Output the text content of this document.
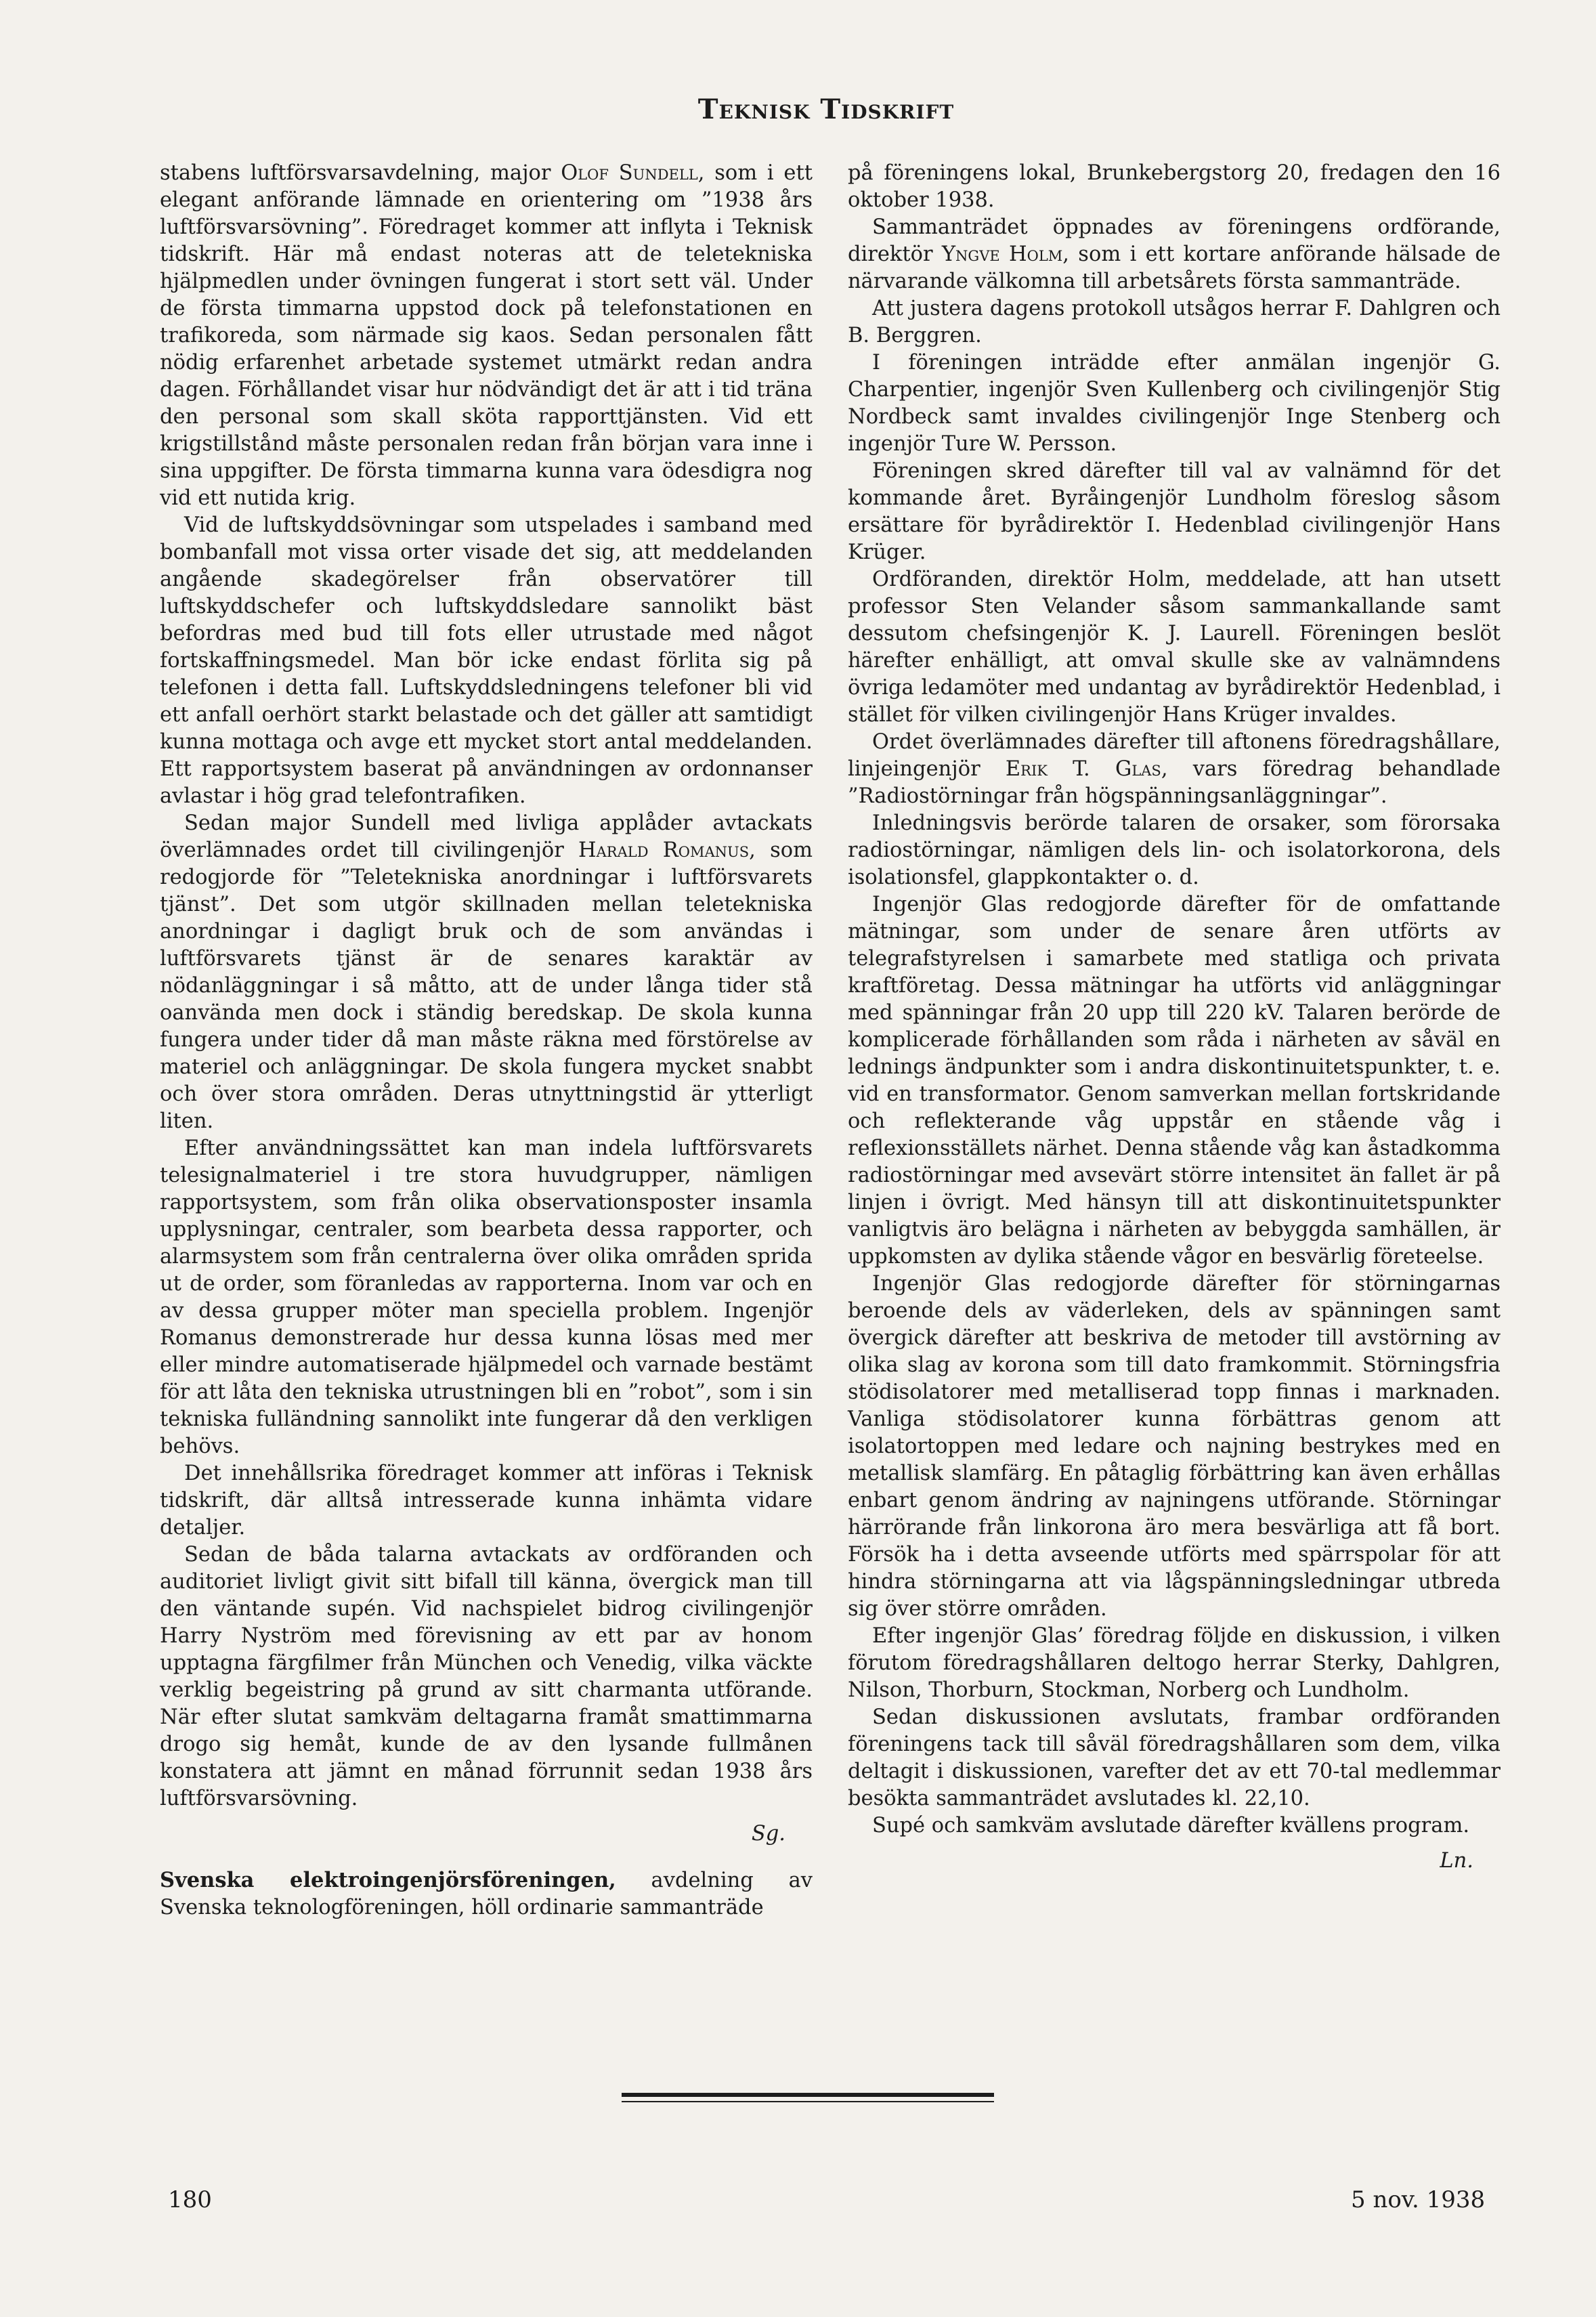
Teknisk Tidskrift

stabens luftförsvarsavdelning, major Olof Sundell, som i ett elegant anförande lämnade en orientering om ”1938 års luftförsvarsövning”. Föredraget kommer att inflyta i Teknisk tidskrift. Här må endast noteras att de teletekniska hjälpmedlen under övningen fungerat i stort sett väl. Under de första timmarna uppstod dock på telefonstationen en trafikoreda, som närmade sig kaos. Sedan personalen fått nödig erfarenhet arbetade systemet utmärkt redan andra dagen. Förhållandet visar hur nödvändigt det är att i tid träna den personal som skall sköta rapporttjänsten. Vid ett krigstillstånd måste personalen redan från början vara inne i sina uppgifter. De första timmarna kunna vara ödesdigra nog vid ett nutida krig.

Vid de luftskyddsövningar som utspelades i samband med bombanfall mot vissa orter visade det sig, att meddelanden angående skadegörelser från observatörer till luftskyddschefer och luftskyddsledare sannolikt bäst befordras med bud till fots eller utrustade med något fortskaffningsmedel. Man bör icke endast förlita sig på telefonen i detta fall. Luftskyddsledningens telefoner bli vid ett anfall oerhört starkt belastade och det gäller att samtidigt kunna mottaga och avge ett mycket stort antal meddelanden. Ett rapportsystem baserat på användningen av ordonnanser avlastar i hög grad telefontrafiken.

Sedan major Sundell med livliga applåder avtackats överlämnades ordet till civilingenjör Harald Romanus, som redogjorde för ”Teletekniska anordningar i luftförsvarets tjänst”. Det som utgör skillnaden mellan teletekniska anordningar i dagligt bruk och de som användas i luftförsvarets tjänst är de senares karaktär av nödanläggningar i så måtto, att de under långa tider stå oanvända men dock i ständig beredskap. De skola kunna fungera under tider då man måste räkna med förstörelse av materiel och anläggningar. De skola fungera mycket snabbt och över stora områden. Deras utnyttningstid är ytterligt liten.

Efter användningssättet kan man indela luftförsvarets telesignalmateriel i tre stora huvudgrupper, nämligen rapportsystem, som från olika observationsposter insamla upplysningar, centraler, som bearbeta dessa rapporter, och alarmsystem som från centralerna över olika områden sprida ut de order, som föranledas av rapporterna. Inom var och en av dessa grupper möter man speciella problem. Ingenjör Romanus demonstrerade hur dessa kunna lösas med mer eller mindre automatiserade hjälpmedel och varnade bestämt för att låta den tekniska utrustningen bli en ”robot”, som i sin tekniska fulländning sannolikt inte fungerar då den verkligen behövs.

Det innehållsrika föredraget kommer att införas i Teknisk tidskrift, där alltså intresserade kunna inhämta vidare detaljer.

Sedan de båda talarna avtackats av ordföranden och auditoriet livligt givit sitt bifall till känna, övergick man till den väntande supén. Vid nachspielet bidrog civilingenjör Harry Nyström med förevisning av ett par av honom upptagna färgfilmer från München och Venedig, vilka väckte verklig begeistring på grund av sitt charmanta utförande. När efter slutat samkväm deltagarna framåt smattimmarna drogo sig hemåt, kunde de av den lysande fullmånen konstatera att jämnt en månad förrunnit sedan 1938 års luftförsvarsövning.

Sg.

Svenska elektroingenjörsföreningen, avdelning av Svenska teknologföreningen, höll ordinarie sammanträde

på föreningens lokal, Brunkebergstorg 20, fredagen den 16 oktober 1938.

Sammanträdet öppnades av föreningens ordförande, direktör Yngve Holm, som i ett kortare anförande hälsade de närvarande välkomna till arbetsårets första sammanträde.

Att justera dagens protokoll utsågos herrar F. Dahlgren och B. Berggren.

I föreningen inträdde efter anmälan ingenjör G. Charpentier, ingenjör Sven Kullenberg och civilingenjör Stig Nordbeck samt invaldes civilingenjör Inge Stenberg och ingenjör Ture W. Persson.

Föreningen skred därefter till val av valnämnd för det kommande året. Byråingenjör Lundholm föreslog såsom ersättare för byrådirektör I. Hedenblad civilingenjör Hans Krüger.

Ordföranden, direktör Holm, meddelade, att han utsett professor Sten Velander såsom sammankallande samt dessutom chefsingenjör K. J. Laurell. Föreningen beslöt härefter enhälligt, att omval skulle ske av valnämndens övriga ledamöter med undantag av byrådirektör Hedenblad, i stället för vilken civilingenjör Hans Krüger invaldes.

Ordet överlämnades därefter till aftonens föredragshållare, linjeingenjör Erik T. Glas, vars föredrag behandlade ”Radiostörningar från högspänningsanläggningar”.

Inledningsvis berörde talaren de orsaker, som förorsaka radiostörningar, nämligen dels lin- och isolatorkorona, dels isolationsfel, glappkontakter o. d.

Ingenjör Glas redogjorde därefter för de omfattande mätningar, som under de senare åren utförts av telegrafstyrelsen i samarbete med statliga och privata kraftföretag. Dessa mätningar ha utförts vid anläggningar med spänningar från 20 upp till 220 kV. Talaren berörde de komplicerade förhållanden som råda i närheten av såväl en lednings ändpunkter som i andra diskontinuitetspunkter, t. e. vid en transformator. Genom samverkan mellan fortskridande och reflekterande våg uppstår en stående våg i reflexionsställets närhet. Denna stående våg kan åstadkomma radiostörningar med avsevärt större intensitet än fallet är på linjen i övrigt. Med hänsyn till att diskontinuitetspunkter vanligtvis äro belägna i närheten av bebyggda samhällen, är uppkomsten av dylika stående vågor en besvärlig företeelse.

Ingenjör Glas redogjorde därefter för störningarnas beroende dels av väderleken, dels av spänningen samt övergick därefter att beskriva de metoder till avstörning av olika slag av korona som till dato framkommit. Störningsfria stödisolatorer med metalliserad topp finnas i marknaden. Vanliga stödisolatorer kunna förbättras genom att isolatortoppen med ledare och najning bestrykes med en metallisk slamfärg. En påtaglig förbättring kan även erhållas enbart genom ändring av najningens utförande. Störningar härrörande från linkorona äro mera besvärliga att få bort. Försök ha i detta avseende utförts med spärrspolar för att hindra störningarna att via lågspänningsledningar utbreda sig över större områden.

Efter ingenjör Glas’ föredrag följde en diskussion, i vilken förutom föredragshållaren deltogo herrar Sterky, Dahlgren, Nilson, Thorburn, Stockman, Norberg och Lundholm.

Sedan diskussionen avslutats, frambar ordföranden föreningens tack till såväl föredragshållaren som dem, vilka deltagit i diskussionen, varefter det av ett 70-tal medlemmar besökta sammanträdet avslutades kl. 22,10.

Supé och samkväm avslutade därefter kvällens program.

Ln.

180	5 nov. 1938
